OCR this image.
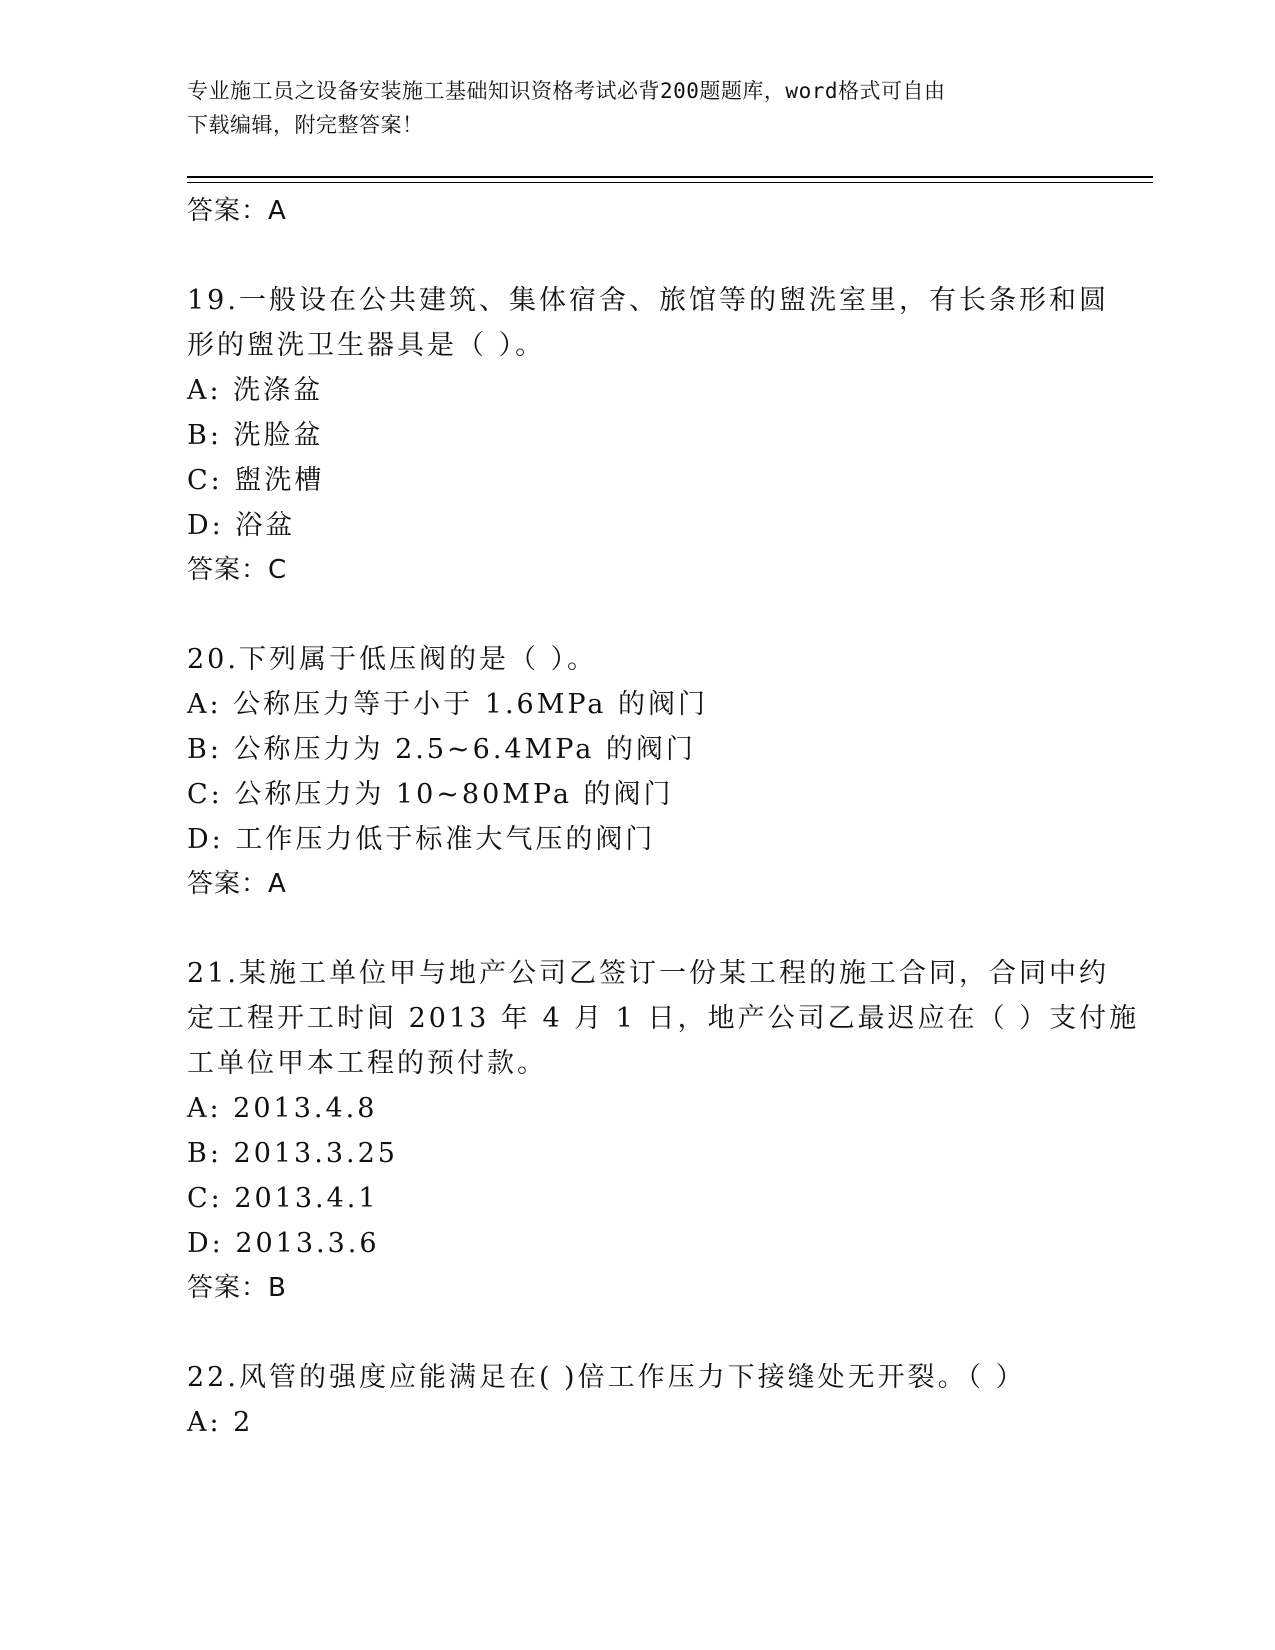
专业施工员之设备安装施工基础知识资格考试必背200题题库，word格式可自由
下载编辑，附完整答案！
答案：A
19.一般设在公共建筑、集体宿舍、旅馆等的盥洗室里，有长条形和圆
形的盥洗卫生器具是（ ）。
A: 洗涤盆
B: 洗脸盆
C: 盥洗槽
D: 浴盆
答案：C
20.下列属于低压阀的是（ ）。
A: 公称压力等于小于 1.6MPa 的阀门
B: 公称压力为 2.5~6.4MPa 的阀门
C: 公称压力为 10~80MPa 的阀门
D: 工作压力低于标准大气压的阀门
答案：A
21.某施工单位甲与地产公司乙签订一份某工程的施工合同，合同中约
定工程开工时间 2013 年 4 月 1 日，地产公司乙最迟应在（ ）支付施
工单位甲本工程的预付款。
A: 2013.4.8
B: 2013.3.25
C: 2013.4.1
D: 2013.3.6
答案：B
22.风管的强度应能满足在( )倍工作压力下接缝处无开裂。（ ）
A: 2
